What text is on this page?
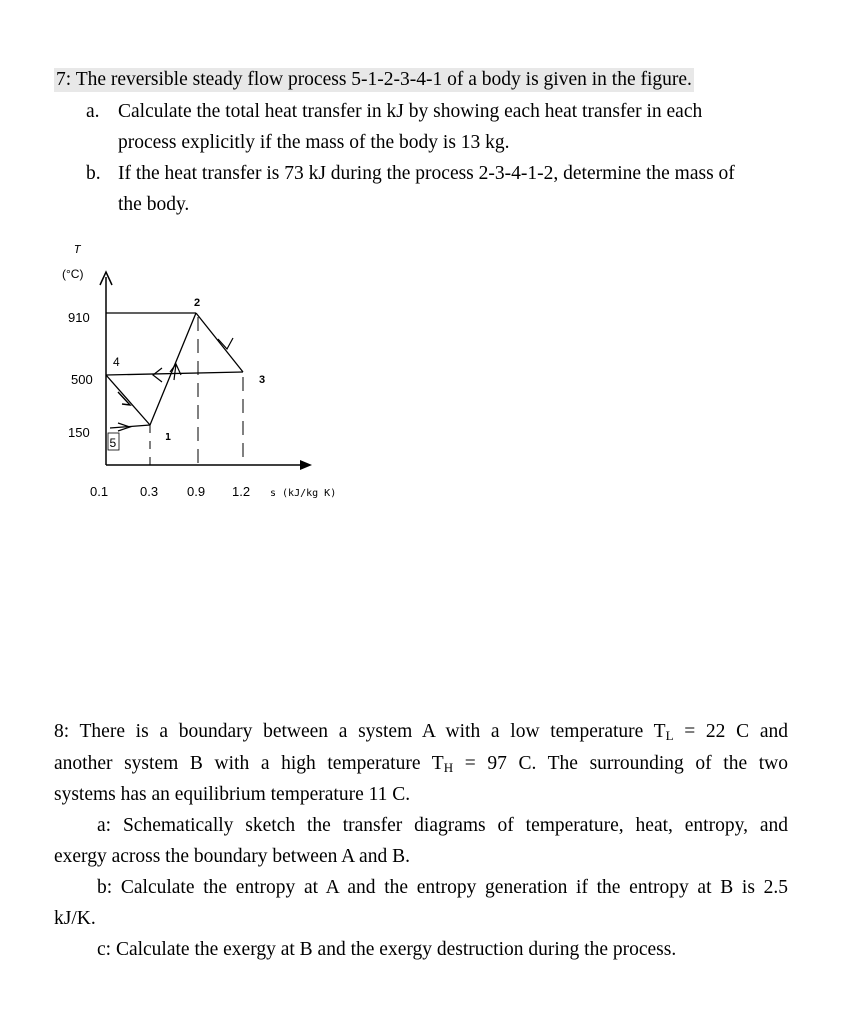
7: The reversible steady flow process 5-1-2-3-4-1 of a body is given in the figure.
a. Calculate the total heat transfer in kJ by showing each heat transfer in each
process explicitly if the mass of the body is 13 kg.
b. If the heat transfer is 73 kJ during the process 2-3-4-1-2, determine the mass of
the body.
T
(°C)
s (kJ/kg K)
910
500
150
0.1 0.3 0.9 1.2
1
2
3
4
5
8: There is a boundary between a system A with a low temperature $T_L = 22$ C and
another system B with a high temperature $T_H = 97$ C. The surrounding of the two
systems has an equilibrium temperature 11 C.
a: Schematically sketch the transfer diagrams of temperature, heat, entropy, and
exergy across the boundary between A and B.
b: Calculate the entropy at A and the entropy generation if the entropy at B is 2.5
kJ/K.
c: Calculate the exergy at B and the exergy destruction during the process.
